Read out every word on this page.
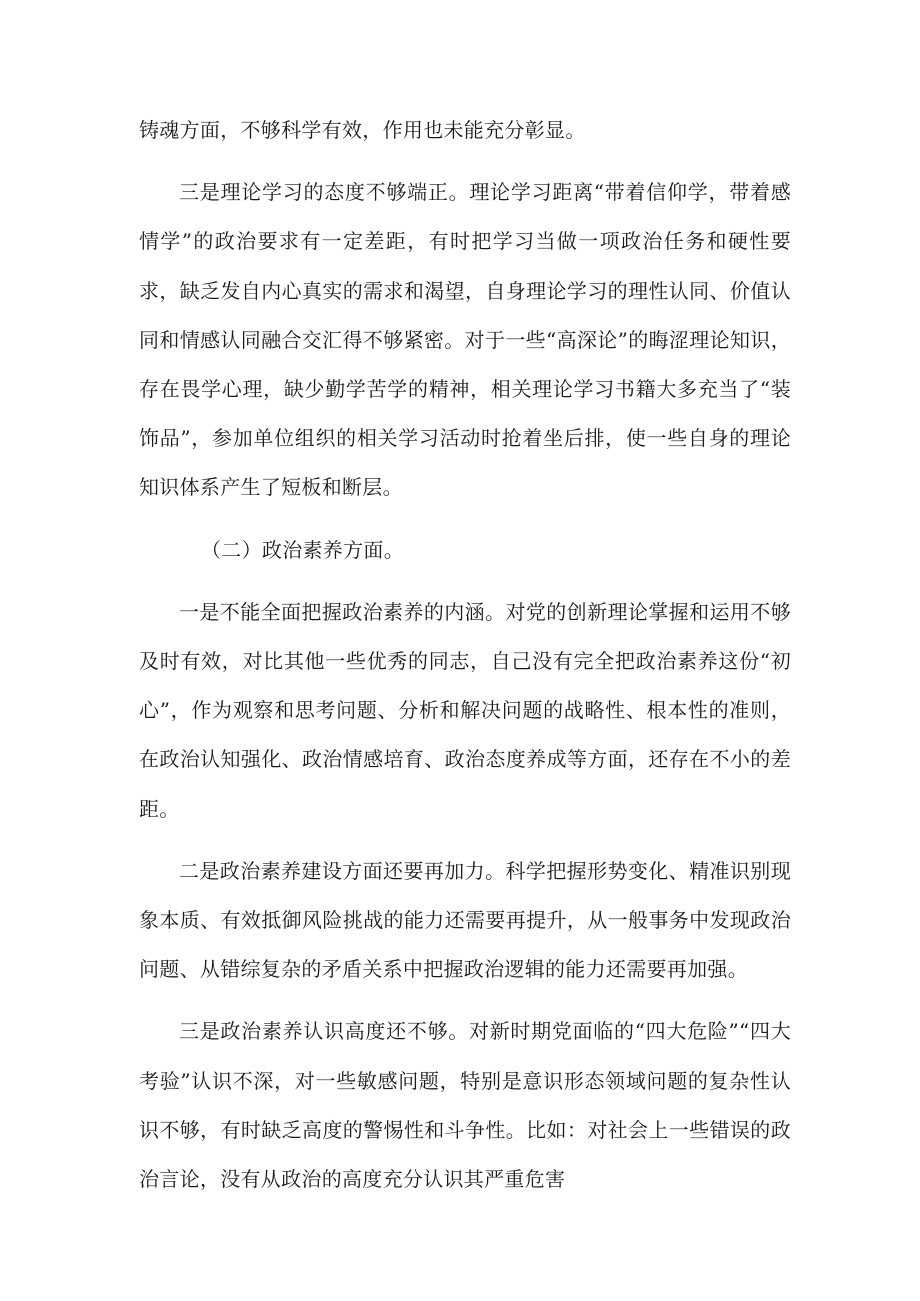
铸魂方面，不够科学有效，作用也未能充分彰显。

三是理论学习的态度不够端正。理论学习距离“带着信仰学，带着感情学”的政治要求有一定差距，有时把学习当做一项政治任务和硬性要求，缺乏发自内心真实的需求和渴望，自身理论学习的理性认同、价值认同和情感认同融合交汇得不够紧密。对于一些“高深论”的晦涩理论知识，存在畏学心理，缺少勤学苦学的精神，相关理论学习书籍大多充当了“装饰品”，参加单位组织的相关学习活动时抢着坐后排，使一些自身的理论知识体系产生了短板和断层。

（二）政治素养方面。

一是不能全面把握政治素养的内涵。对党的创新理论掌握和运用不够及时有效，对比其他一些优秀的同志，自己没有完全把政治素养这份“初心”，作为观察和思考问题、分析和解决问题的战略性、根本性的准则，在政治认知强化、政治情感培育、政治态度养成等方面，还存在不小的差距。

二是政治素养建设方面还要再加力。科学把握形势变化、精准识别现象本质、有效抵御风险挑战的能力还需要再提升，从一般事务中发现政治问题、从错综复杂的矛盾关系中把握政治逻辑的能力还需要再加强。

三是政治素养认识高度还不够。对新时期党面临的“四大危险”“四大考验”认识不深，对一些敏感问题，特别是意识形态领域问题的复杂性认识不够，有时缺乏高度的警惕性和斗争性。比如：对社会上一些错误的政治言论，没有从政治的高度充分认识其严重危害
